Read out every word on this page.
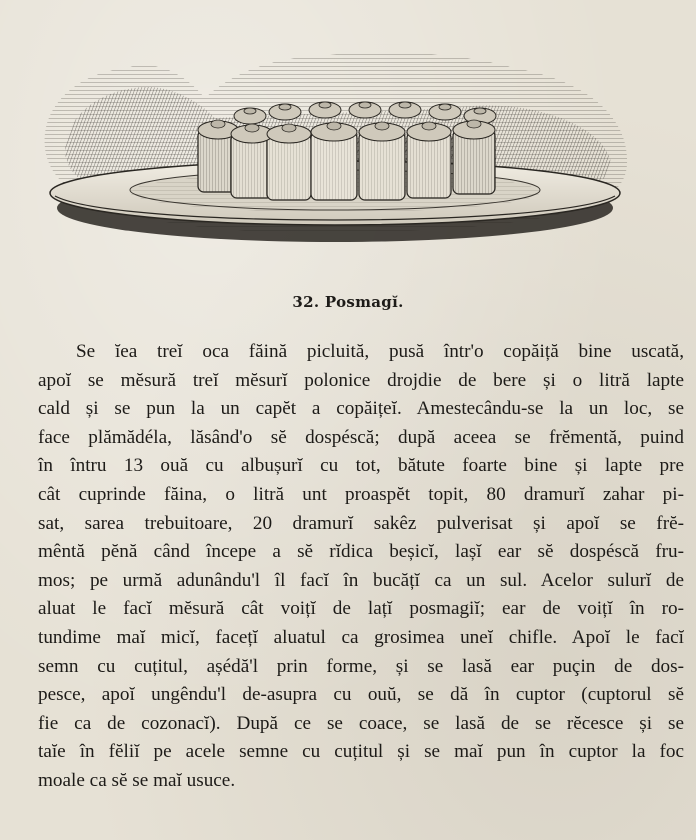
32. Posmagĭ.
Se ĭea treĭ oca făină picluită, pusă într'o copăiță bine uscată,
apoĭ se mĕsură treĭ mĕsurĭ polonice drojdie de bere și o litră lapte
cald și se pun la un capĕt a copăițeĭ. Amestecându-se la un loc, se
face plămădéla, lăsând'o sĕ dospéscă; după aceea se frĕmentă, puind
în întru 13 ouă cu albușurĭ cu tot, bătute foarte bine și lapte pre
cât cuprinde făina, o litră unt proaspĕt topit, 80 dramurĭ zahar pi-
sat, sarea trebuitoare, 20 dramurĭ sakêz pulverisat și apoĭ se frĕ-
mêntă pĕnă când începe a sĕ rĭdica beșicĭ, lașĭ ear sĕ dospéscă fru-
mos; pe urmă adunându'l îl facĭ în bucățĭ ca un sul. Acelor sulurĭ de
aluat le facĭ mĕsură cât voițĭ de lațĭ posmagiĭ; ear de voițĭ în ro-
tundime maĭ micĭ, facețĭ aluatul ca grosimea uneĭ chifle. Apoĭ le facĭ
semn cu cuțitul, așédă'l prin forme, și se lasă ear puçin de dos-
pesce, apoĭ ungêndu'l de-asupra cu ouŭ, se dă în cuptor (cuptorul sĕ
fie ca de cozonacĭ). După ce se coace, se lasă de se rĕcesce și se
taĭe în fĕliĭ pe acele semne cu cuțitul și se maĭ pun în cuptor la foc
moale ca sĕ se maĭ usuce.
